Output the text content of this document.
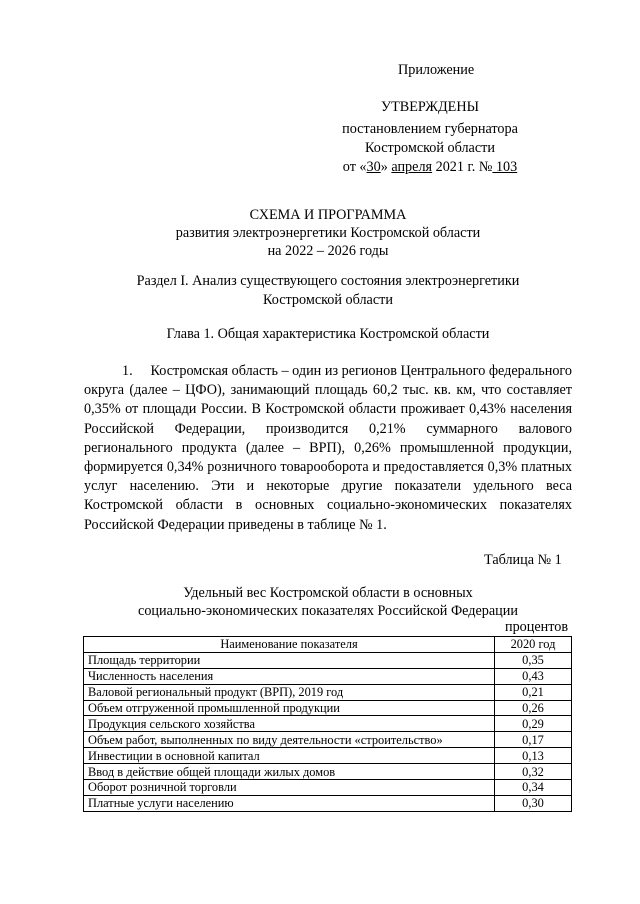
Приложение
УТВЕРЖДЕНЫ
постановлением губернатора
Костромской области
от «30» апреля 2021 г. № 103
СХЕМА И ПРОГРАММА
развития электроэнергетики Костромской области
на 2022 – 2026 годы
Раздел I. Анализ существующего состояния электроэнергетики
Костромской области
Глава 1. Общая характеристика Костромской области

1.     Костромская область – один из регионов Центрального федерального округа (далее – ЦФО), занимающий площадь 60,2 тыс. кв. км, что составляет 0,35% от площади России. В Костромской области проживает 0,43% населения Российской Федерации, производится 0,21% суммарного валового регионального продукта (далее – ВРП), 0,26% промышленной продукции, формируется 0,34% розничного товарооборота и предоставляется 0,3% платных услуг населению. Эти и некоторые другие показатели удельного веса Костромской области в основных социально-экономических показателях Российской Федерации приведены в таблице № 1.

Таблица № 1
Удельный вес Костромской области в основных
социально-экономических показателях Российской Федерации
процентов
Наименование показателя	2020 год
Площадь территории	0,35
Численность населения	0,43
Валовой региональный продукт (ВРП), 2019 год	0,21
Объем отгруженной промышленной продукции	0,26
Продукция сельского хозяйства	0,29
Объем работ, выполненных по виду деятельности «строительство»	0,17
Инвестиции в основной капитал	0,13
Ввод в действие общей площади жилых домов	0,32
Оборот розничной торговли	0,34
Платные услуги населению	0,30
